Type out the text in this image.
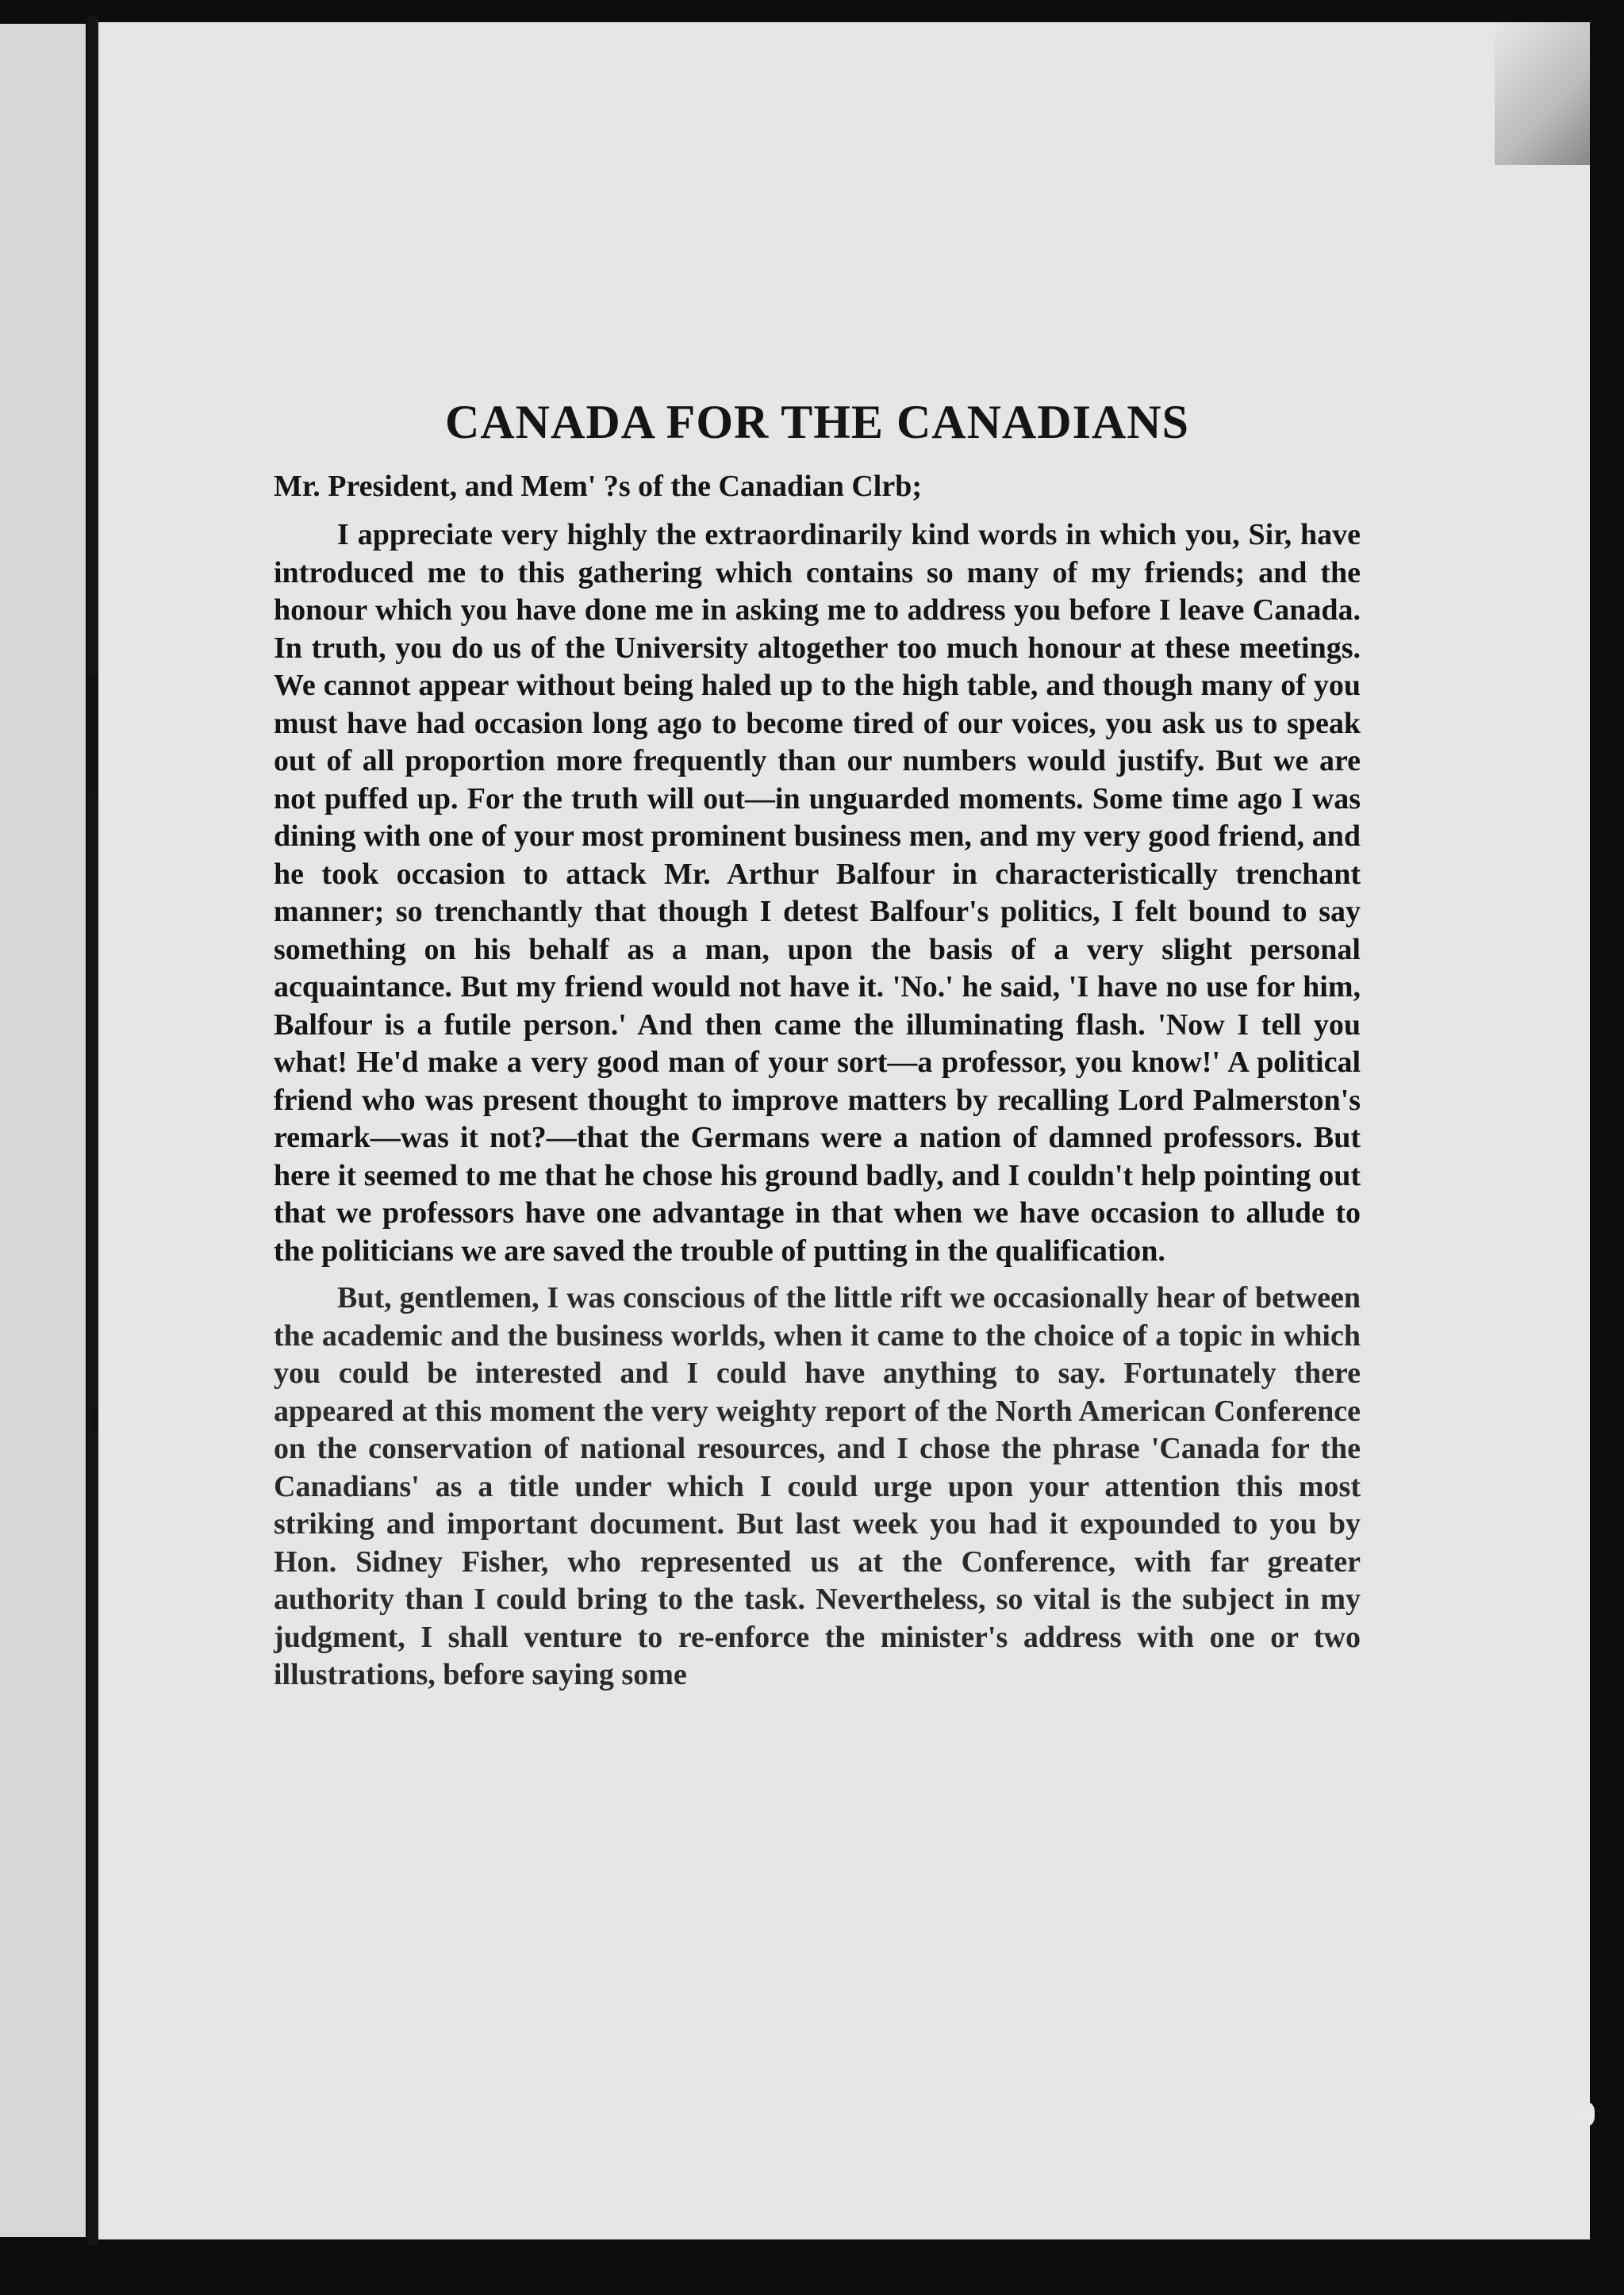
CANADA FOR THE CANADIANS

Mr. President, and Mem' ?s of the Canadian Clrb;

I appreciate very highly the extraordinarily kind words in which you, Sir, have introduced me to this gathering which contains so many of my friends; and the honour which you have done me in asking me to address you before I leave Canada. In truth, you do us of the University altogether too much honour at these meetings. We cannot appear without being haled up to the high table, and though many of you must have had occasion long ago to become tired of our voices, you ask us to speak out of all proportion more frequently than our numbers would justify. But we are not puffed up. For the truth will out—in unguarded moments. Some time ago I was dining with one of your most prominent business men, and my very good friend, and he took occasion to attack Mr. Arthur Balfour in characteristically trenchant manner; so trenchantly that though I detest Balfour's politics, I felt bound to say something on his behalf as a man, upon the basis of a very slight personal acquaintance. But my friend would not have it. 'No.' he said, 'I have no use for him, Balfour is a futile person.' And then came the illuminating flash. 'Now I tell you what! He'd make a very good man of your sort—a professor, you know!' A political friend who was present thought to improve matters by recalling Lord Palmerston's remark—was it not?—that the Germans were a nation of damned professors. But here it seemed to me that he chose his ground badly, and I couldn't help pointing out that we professors have one advantage in that when we have occasion to allude to the politicians we are saved the trouble of putting in the qualification.

But, gentlemen, I was conscious of the little rift we occasionally hear of between the academic and the business worlds, when it came to the choice of a topic in which you could be interested and I could have anything to say. Fortunately there appeared at this moment the very weighty report of the North American Conference on the conservation of national resources, and I chose the phrase 'Canada for the Canadians' as a title under which I could urge upon your attention this most striking and important document. But last week you had it expounded to you by Hon. Sidney Fisher, who represented us at the Conference, with far greater authority than I could bring to the task. Nevertheless, so vital is the subject in my judgment, I shall venture to re-enforce the minister's address with one or two illustrations, before saying some
